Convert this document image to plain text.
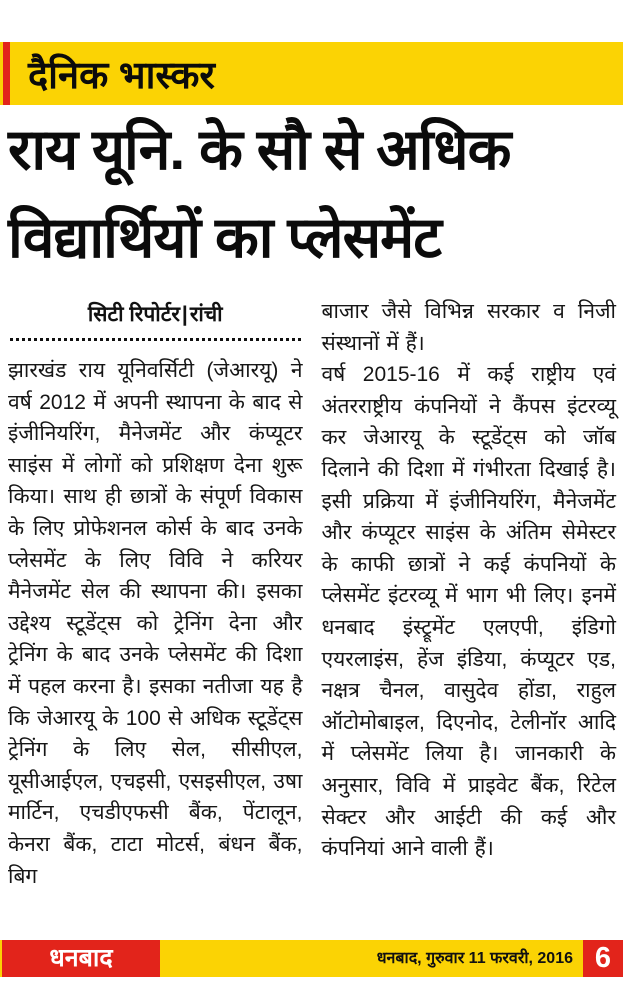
दैनिक भास्कर
राय यूनि. के सौ से अधिक
विद्यार्थियों का प्लेसमेंट
सिटी रिपोर्टर|रांची

झारखंड राय यूनिवर्सिटी (जेआरयू) ने वर्ष 2012 में अपनी स्थापना के बाद से इंजीनियरिंग, मैनेजमेंट और कंप्यूटर साइंस में लोगों को प्रशिक्षण देना शुरू किया। साथ ही छात्रों के संपूर्ण विकास के लिए प्रोफेशनल कोर्स के बाद उनके प्लेसमेंट के लिए विवि ने करियर मैनेजमेंट सेल की स्थापना की। इसका उद्देश्य स्टूडेंट्स को ट्रेनिंग देना और ट्रेनिंग के बाद उनके प्लेसमेंट की दिशा में पहल करना है। इसका नतीजा यह है कि जेआरयू के 100 से अधिक स्टूडेंट्स ट्रेनिंग के लिए सेल, सीसीएल, यूसीआईएल, एचइसी, एसइसीएल, उषा मार्टिन, एचडीएफसी बैंक, पेंटालून, केनरा बैंक, टाटा मोटर्स, बंधन बैंक, बिग

बाजार जैसे विभिन्न सरकार व निजी संस्थानों में हैं।

वर्ष 2015-16 में कई राष्ट्रीय एवं अंतरराष्ट्रीय कंपनियों ने कैंपस इंटरव्यू कर जेआरयू के स्टूडेंट्स को जॉब दिलाने की दिशा में गंभीरता दिखाई है। इसी प्रक्रिया में इंजीनियरिंग, मैनेजमेंट और कंप्यूटर साइंस के अंतिम सेमेस्टर के काफी छात्रों ने कई कंपनियों के प्लेसमेंट इंटरव्यू में भाग भी लिए। इनमें धनबाद इंस्ट्रूमेंट एलएपी, इंडिगो एयरलाइंस, हेंज इंडिया, कंप्यूटर एड, नक्षत्र चैनल, वासुदेव होंडा, राहुल ऑटोमोबाइल, दिएनोद, टेलीनॉर आदि में प्लेसमेंट लिया है। जानकारी के अनुसार, विवि में प्राइवेट बैंक, रिटेल सेक्टर और आईटी की कई और कंपनियां आने वाली हैं।

धनबाद	धनबाद, गुरुवार 11 फरवरी, 2016 6
